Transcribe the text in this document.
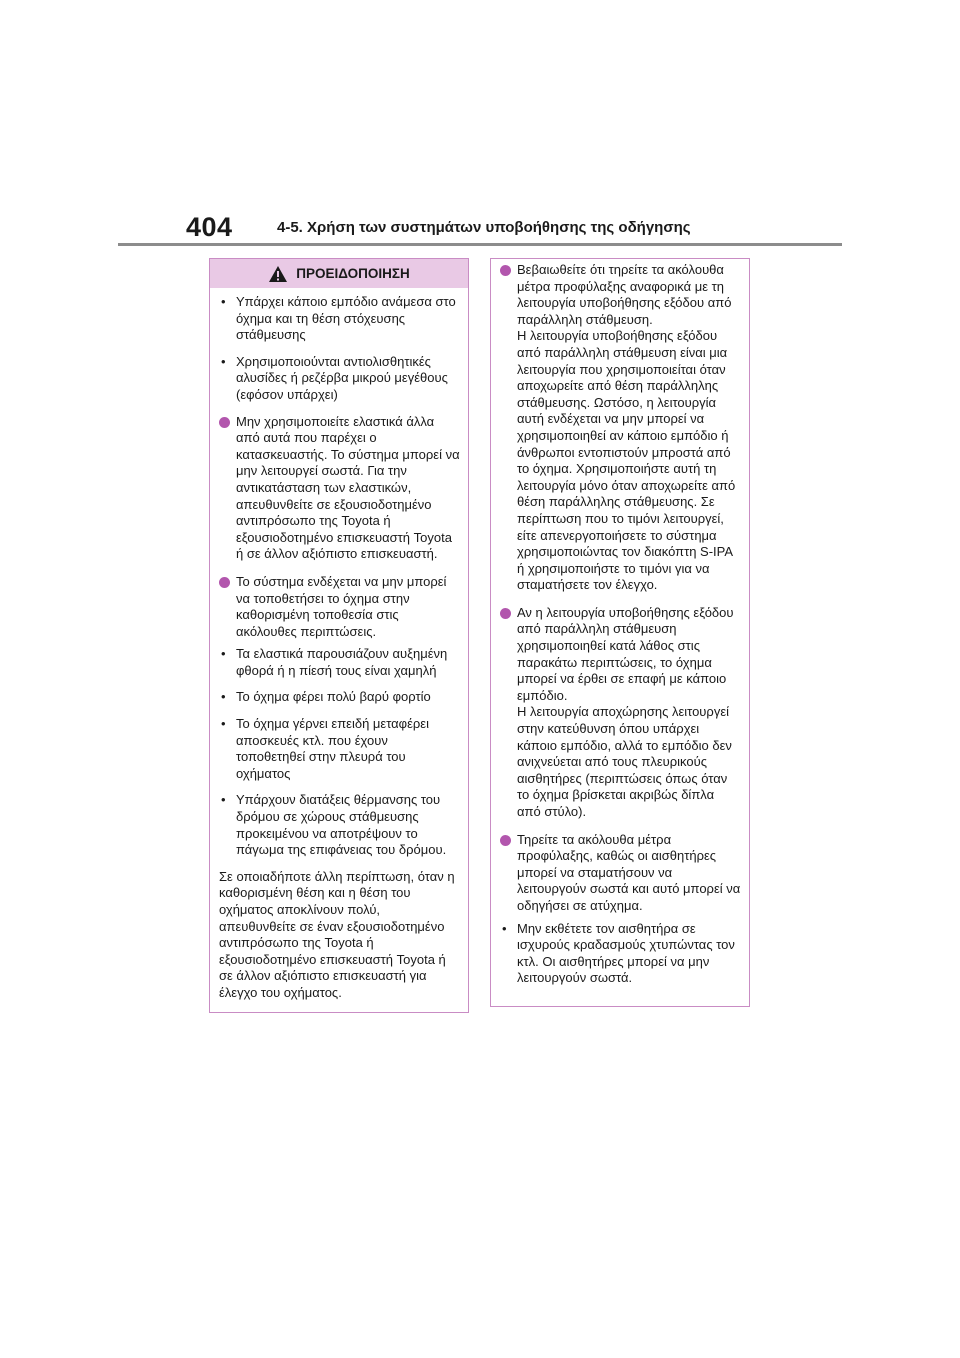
404	4-5. Χρήση των συστημάτων υποβοήθησης της οδήγησης
ΠΡΟΕΙΔΟΠΟΙΗΣΗ
• Υπάρχει κάποιο εμπόδιο ανάμεσα στο όχημα και τη θέση στόχευσης στάθμευσης
• Χρησιμοποιούνται αντιολισθητικές αλυσίδες ή ρεζέρβα μικρού μεγέθους (εφόσον υπάρχει)
Μην χρησιμοποιείτε ελαστικά άλλα από αυτά που παρέχει ο κατασκευαστής. Το σύστημα μπορεί να μην λειτουργεί σωστά. Για την αντικατάσταση των ελαστικών, απευθυνθείτε σε εξουσιοδοτημένο αντιπρόσωπο της Toyota ή εξουσιοδοτημένο επισκευαστή Toyota ή σε άλλον αξιόπιστο επισκευαστή.
Το σύστημα ενδέχεται να μην μπορεί να τοποθετήσει το όχημα στην καθορισμένη τοποθεσία στις ακόλουθες περιπτώσεις.
• Τα ελαστικά παρουσιάζουν αυξημένη φθορά ή η πίεσή τους είναι χαμηλή
• Το όχημα φέρει πολύ βαρύ φορτίο
• Το όχημα γέρνει επειδή μεταφέρει αποσκευές κτλ. που έχουν τοποθετηθεί στην πλευρά του οχήματος
• Υπάρχουν διατάξεις θέρμανσης του δρόμου σε χώρους στάθμευσης προκειμένου να αποτρέψουν το πάγωμα της επιφάνειας του δρόμου.
Σε οποιαδήποτε άλλη περίπτωση, όταν η καθορισμένη θέση και η θέση του οχήματος αποκλίνουν πολύ, απευθυνθείτε σε έναν εξουσιοδοτημένο αντιπρόσωπο της Toyota ή εξουσιοδοτημένο επισκευαστή Toyota ή σε άλλον αξιόπιστο επισκευαστή για έλεγχο του οχήματος.
Βεβαιωθείτε ότι τηρείτε τα ακόλουθα μέτρα προφύλαξης αναφορικά με τη λειτουργία υποβοήθησης εξόδου από παράλληλη στάθμευση.
Η λειτουργία υποβοήθησης εξόδου από παράλληλη στάθμευση είναι μια λειτουργία που χρησιμοποιείται όταν αποχωρείτε από θέση παράλληλης στάθμευσης. Ωστόσο, η λειτουργία αυτή ενδέχεται να μην μπορεί να χρησιμοποιηθεί αν κάποιο εμπόδιο ή άνθρωποι εντοπιστούν μπροστά από το όχημα. Χρησιμοποιήστε αυτή τη λειτουργία μόνο όταν αποχωρείτε από θέση παράλληλης στάθμευσης. Σε περίπτωση που το τιμόνι λειτουργεί, είτε απενεργοποιήσετε το σύστημα χρησιμοποιώντας τον διακόπτη S-IPA ή χρησιμοποιήστε το τιμόνι για να σταματήσετε τον έλεγχο.
Αν η λειτουργία υποβοήθησης εξόδου από παράλληλη στάθμευση χρησιμοποιηθεί κατά λάθος στις παρακάτω περιπτώσεις, το όχημα μπορεί να έρθει σε επαφή με κάποιο εμπόδιο.
Η λειτουργία αποχώρησης λειτουργεί στην κατεύθυνση όπου υπάρχει κάποιο εμπόδιο, αλλά το εμπόδιο δεν ανιχνεύεται από τους πλευρικούς αισθητήρες (περιπτώσεις όπως όταν το όχημα βρίσκεται ακριβώς δίπλα από στύλο).
Τηρείτε τα ακόλουθα μέτρα προφύλαξης, καθώς οι αισθητήρες μπορεί να σταματήσουν να λειτουργούν σωστά και αυτό μπορεί να οδηγήσει σε ατύχημα.
• Μην εκθέτετε τον αισθητήρα σε ισχυρούς κραδασμούς χτυπώντας τον κτλ. Οι αισθητήρες μπορεί να μην λειτουργούν σωστά.
